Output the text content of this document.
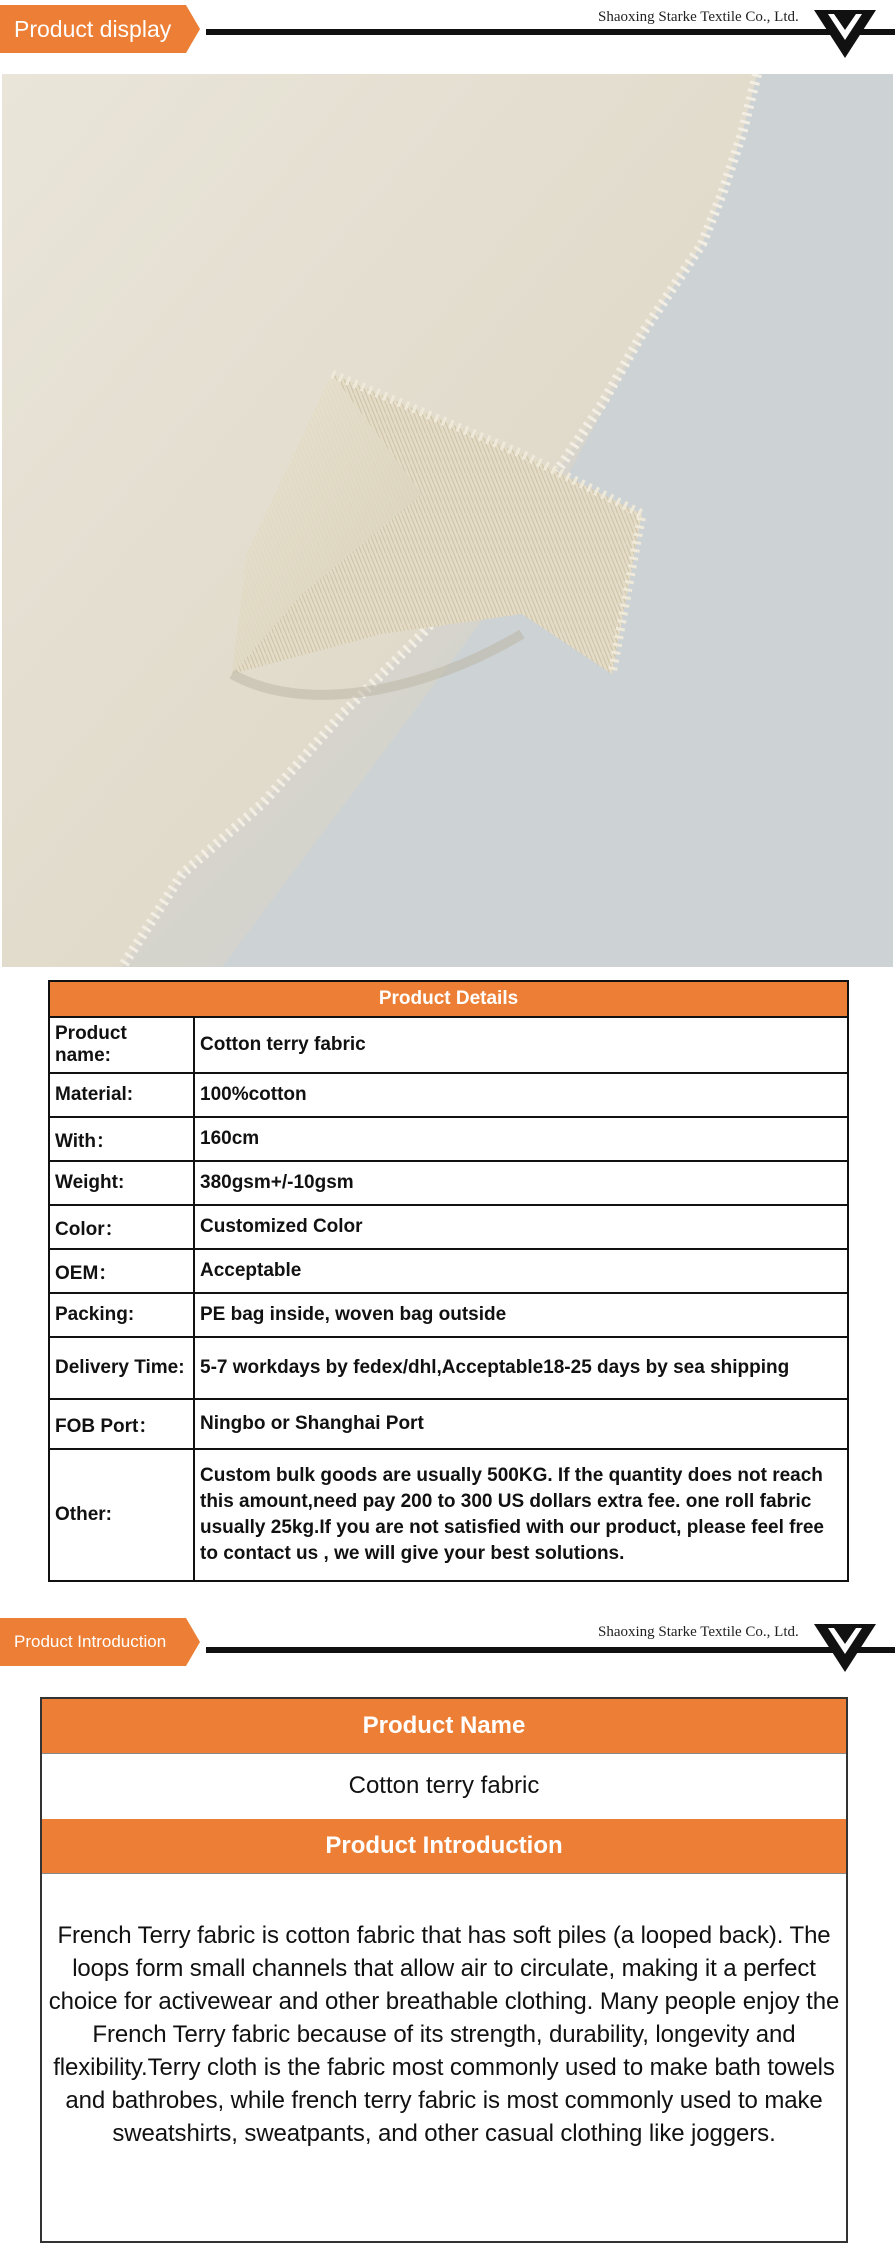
Product display	Shaoxing Starke Textile Co., Ltd.
Product Details	
Product name:	Cotton terry fabric
Material:	100%cotton
With：	160cm
Weight:	380gsm+/-10gsm
Color：	Customized Color
OEM：	Acceptable
Packing:	PE bag inside, woven bag outside
Delivery Time:	5-7 workdays by fedex/dhl,Acceptable18-25 days by sea shipping
FOB Port：	Ningbo or Shanghai Port
Other:	Custom bulk goods are usually 500KG. If the quantity does not reach this amount,need pay 200 to 300 US dollars extra fee. one roll fabric usually 25kg.If you are not satisfied with our product, please feel free to contact us , we will give your best solutions.
Product Introduction	Shaoxing Starke Textile Co., Ltd.
Product Name
Cotton terry fabric
Product Introduction
French Terry fabric is cotton fabric that has soft piles (a looped back). The loops form small channels that allow air to circulate, making it a perfect choice for activewear and other breathable clothing. Many people enjoy the French Terry fabric because of its strength, durability, longevity and flexibility.Terry cloth is the fabric most commonly used to make bath towels and bathrobes, while french terry fabric is most commonly used to make sweatshirts, sweatpants, and other casual clothing like joggers.
